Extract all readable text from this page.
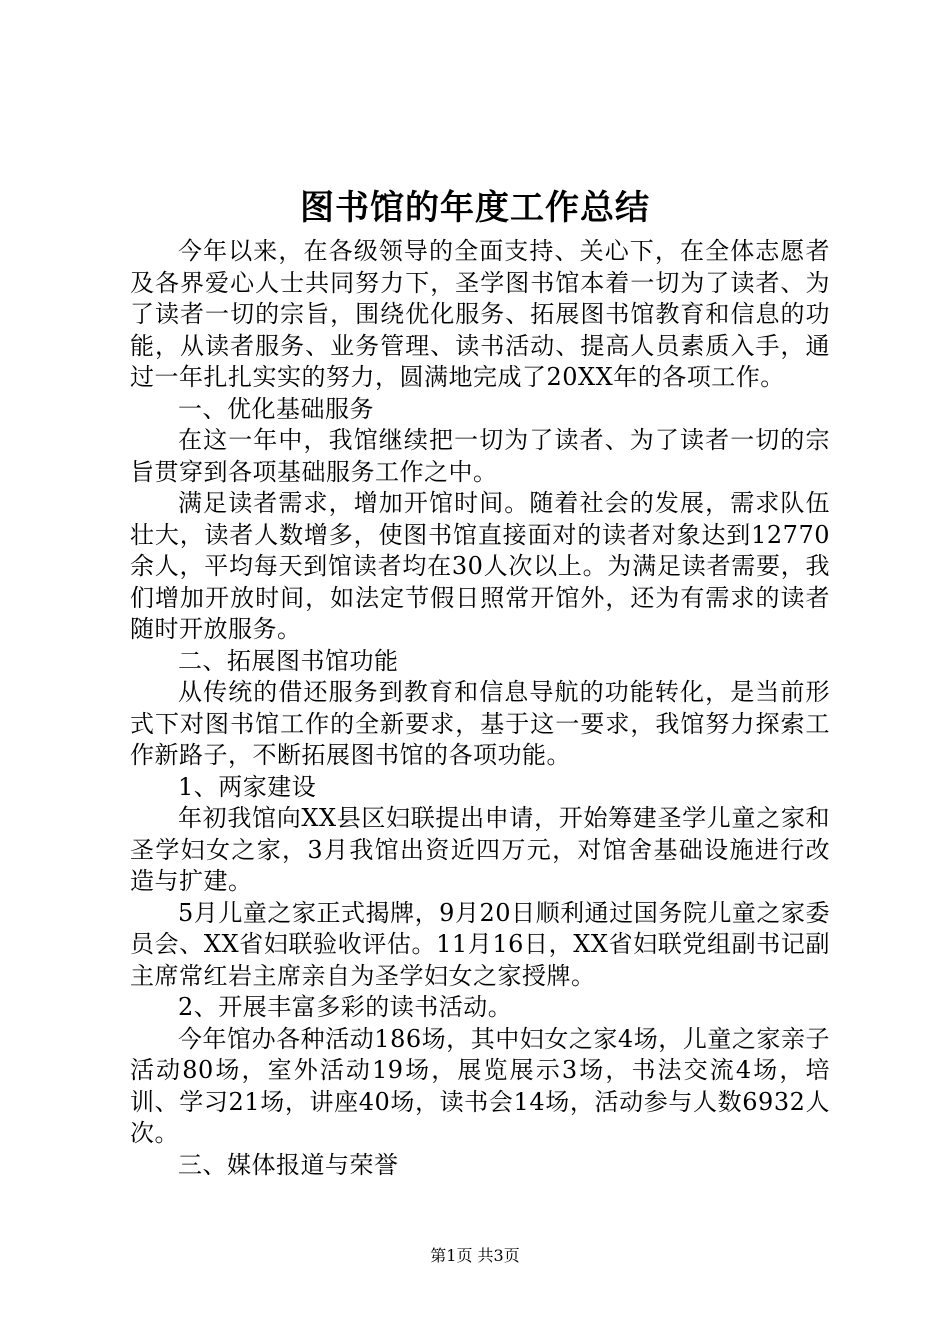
图书馆的年度工作总结

今年以来，在各级领导的全面支持、关心下，在全体志愿者及各界爱心人士共同努力下，圣学图书馆本着一切为了读者、为了读者一切的宗旨，围绕优化服务、拓展图书馆教育和信息的功能，从读者服务、业务管理、读书活动、提高人员素质入手，通过一年扎扎实实的努力，圆满地完成了20XX年的各项工作。

一、优化基础服务

在这一年中，我馆继续把一切为了读者、为了读者一切的宗旨贯穿到各项基础服务工作之中。

满足读者需求，增加开馆时间。随着社会的发展，需求队伍壮大，读者人数增多，使图书馆直接面对的读者对象达到12770余人，平均每天到馆读者均在30人次以上。为满足读者需要，我们增加开放时间，如法定节假日照常开馆外，还为有需求的读者随时开放服务。

二、拓展图书馆功能

从传统的借还服务到教育和信息导航的功能转化，是当前形式下对图书馆工作的全新要求，基于这一要求，我馆努力探索工作新路子，不断拓展图书馆的各项功能。

1、两家建设

年初我馆向XX县区妇联提出申请，开始筹建圣学儿童之家和圣学妇女之家，3月我馆出资近四万元，对馆舍基础设施进行改造与扩建。

5月儿童之家正式揭牌，9月20日顺利通过国务院儿童之家委员会、XX省妇联验收评估。11月16日，XX省妇联党组副书记副主席常红岩主席亲自为圣学妇女之家授牌。

2、开展丰富多彩的读书活动。

今年馆办各种活动186场，其中妇女之家4场，儿童之家亲子活动80场，室外活动19场，展览展示3场，书法交流4场，培训、学习21场，讲座40场，读书会14场，活动参与人数6932人次。

三、媒体报道与荣誉

第1页 共3页
